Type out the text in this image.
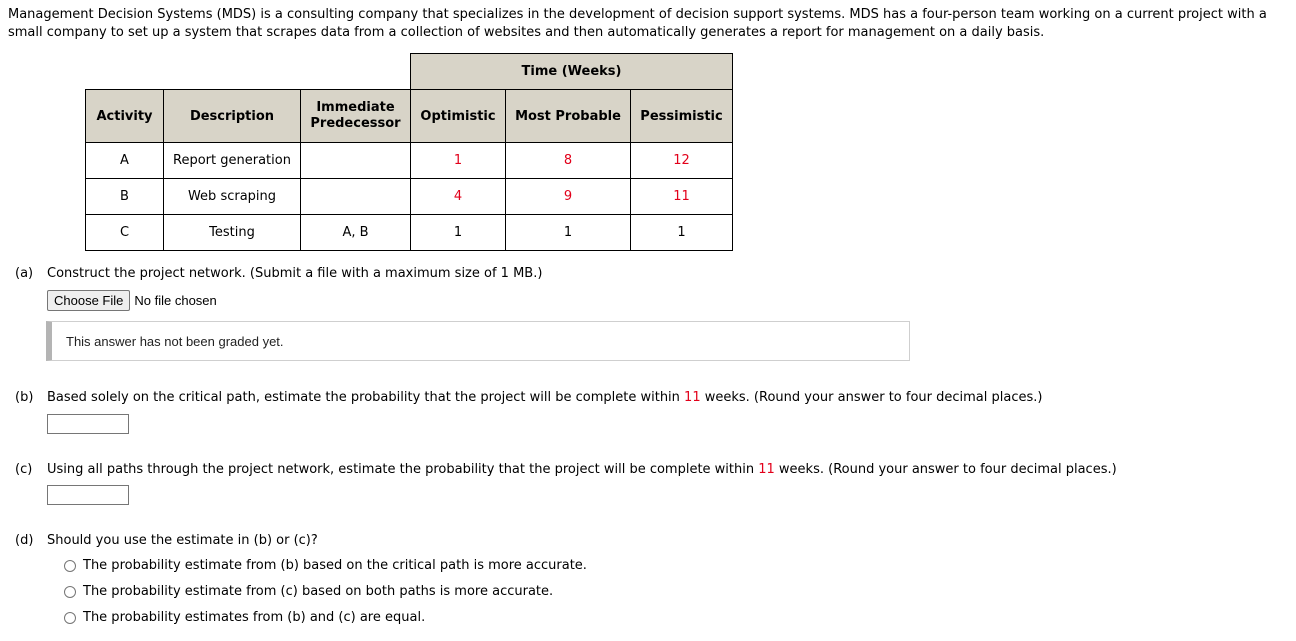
Management Decision Systems (MDS) is a consulting company that specializes in the development of decision support systems. MDS has a four-person team working on a current project with a small company to set up a system that scrapes data from a collection of websites and then automatically generates a report for management on a daily basis.
			Time (Weeks)		
Activity	Description	Immediate Predecessor	Optimistic	Most Probable	Pessimistic
A	Report generation		1	8	12
B	Web scraping		4	9	11
C	Testing	A, B	1	1	1
(a) Construct the project network. (Submit a file with a maximum size of 1 MB.)
Choose File No file chosen
This answer has not been graded yet.
(b) Based solely on the critical path, estimate the probability that the project will be complete within 11 weeks. (Round your answer to four decimal places.)
(c) Using all paths through the project network, estimate the probability that the project will be complete within 11 weeks. (Round your answer to four decimal places.)
(d) Should you use the estimate in (b) or (c)?
The probability estimate from (b) based on the critical path is more accurate.
The probability estimate from (c) based on both paths is more accurate.
The probability estimates from (b) and (c) are equal.
